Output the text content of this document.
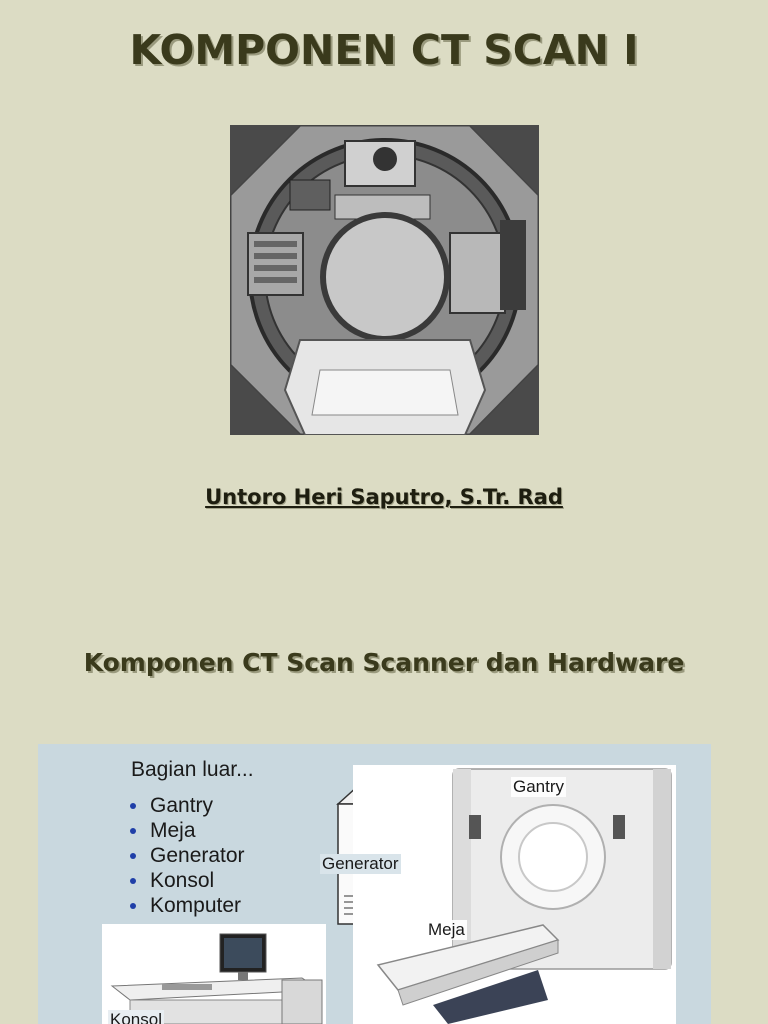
KOMPONEN CT SCAN I
Untoro Heri Saputro, S.Tr. Rad
Komponen CT Scan Scanner dan Hardware
Bagian luar...
Gantry
Meja
Generator
Konsol
Komputer
Gantry
Generator
Meja
Konsol
